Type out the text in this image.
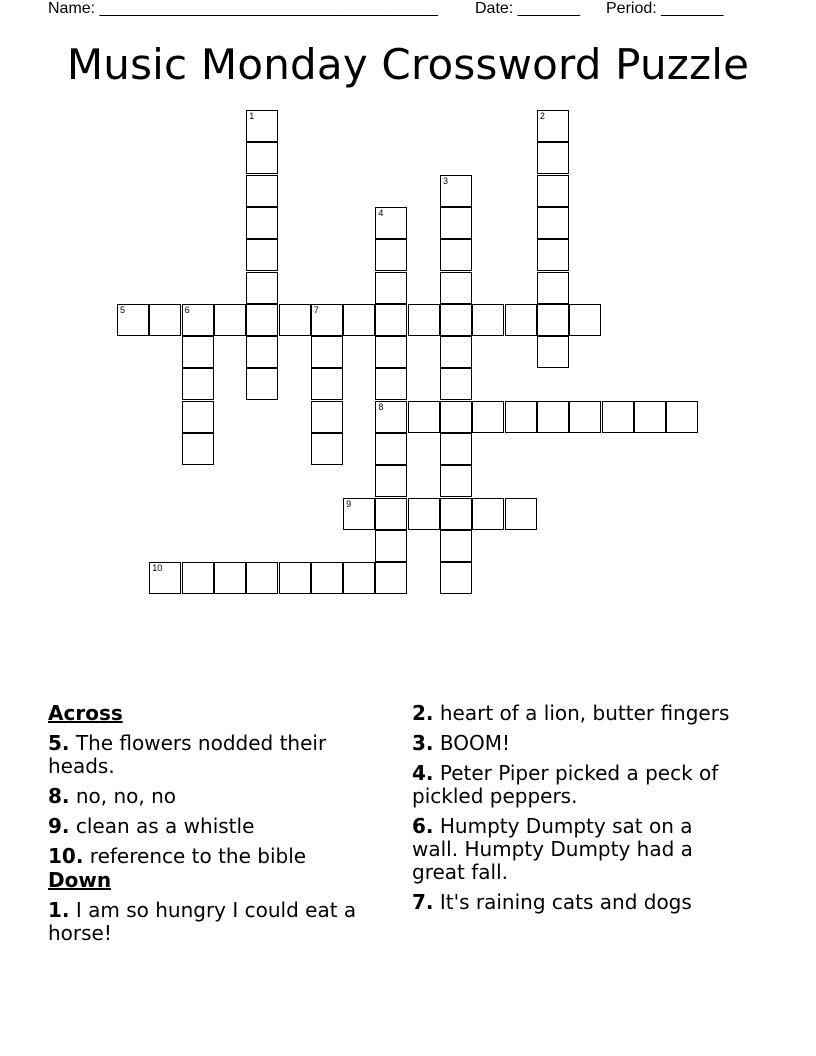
Name: ______________________________________ Date: _______ Period: _______
Music Monday Crossword Puzzle
1	2
3
4
8
5	6	7
9
10
Across
5. The flowers nodded their heads.
8. no, no, no
9. clean as a whistle
10. reference to the bible
Down
1. I am so hungry I could eat a horse!
2. heart of a lion, butter fingers
3. BOOM!
4. Peter Piper picked a peck of pickled peppers.
6. Humpty Dumpty sat on a wall. Humpty Dumpty had a great fall.
7. It's raining cats and dogs
